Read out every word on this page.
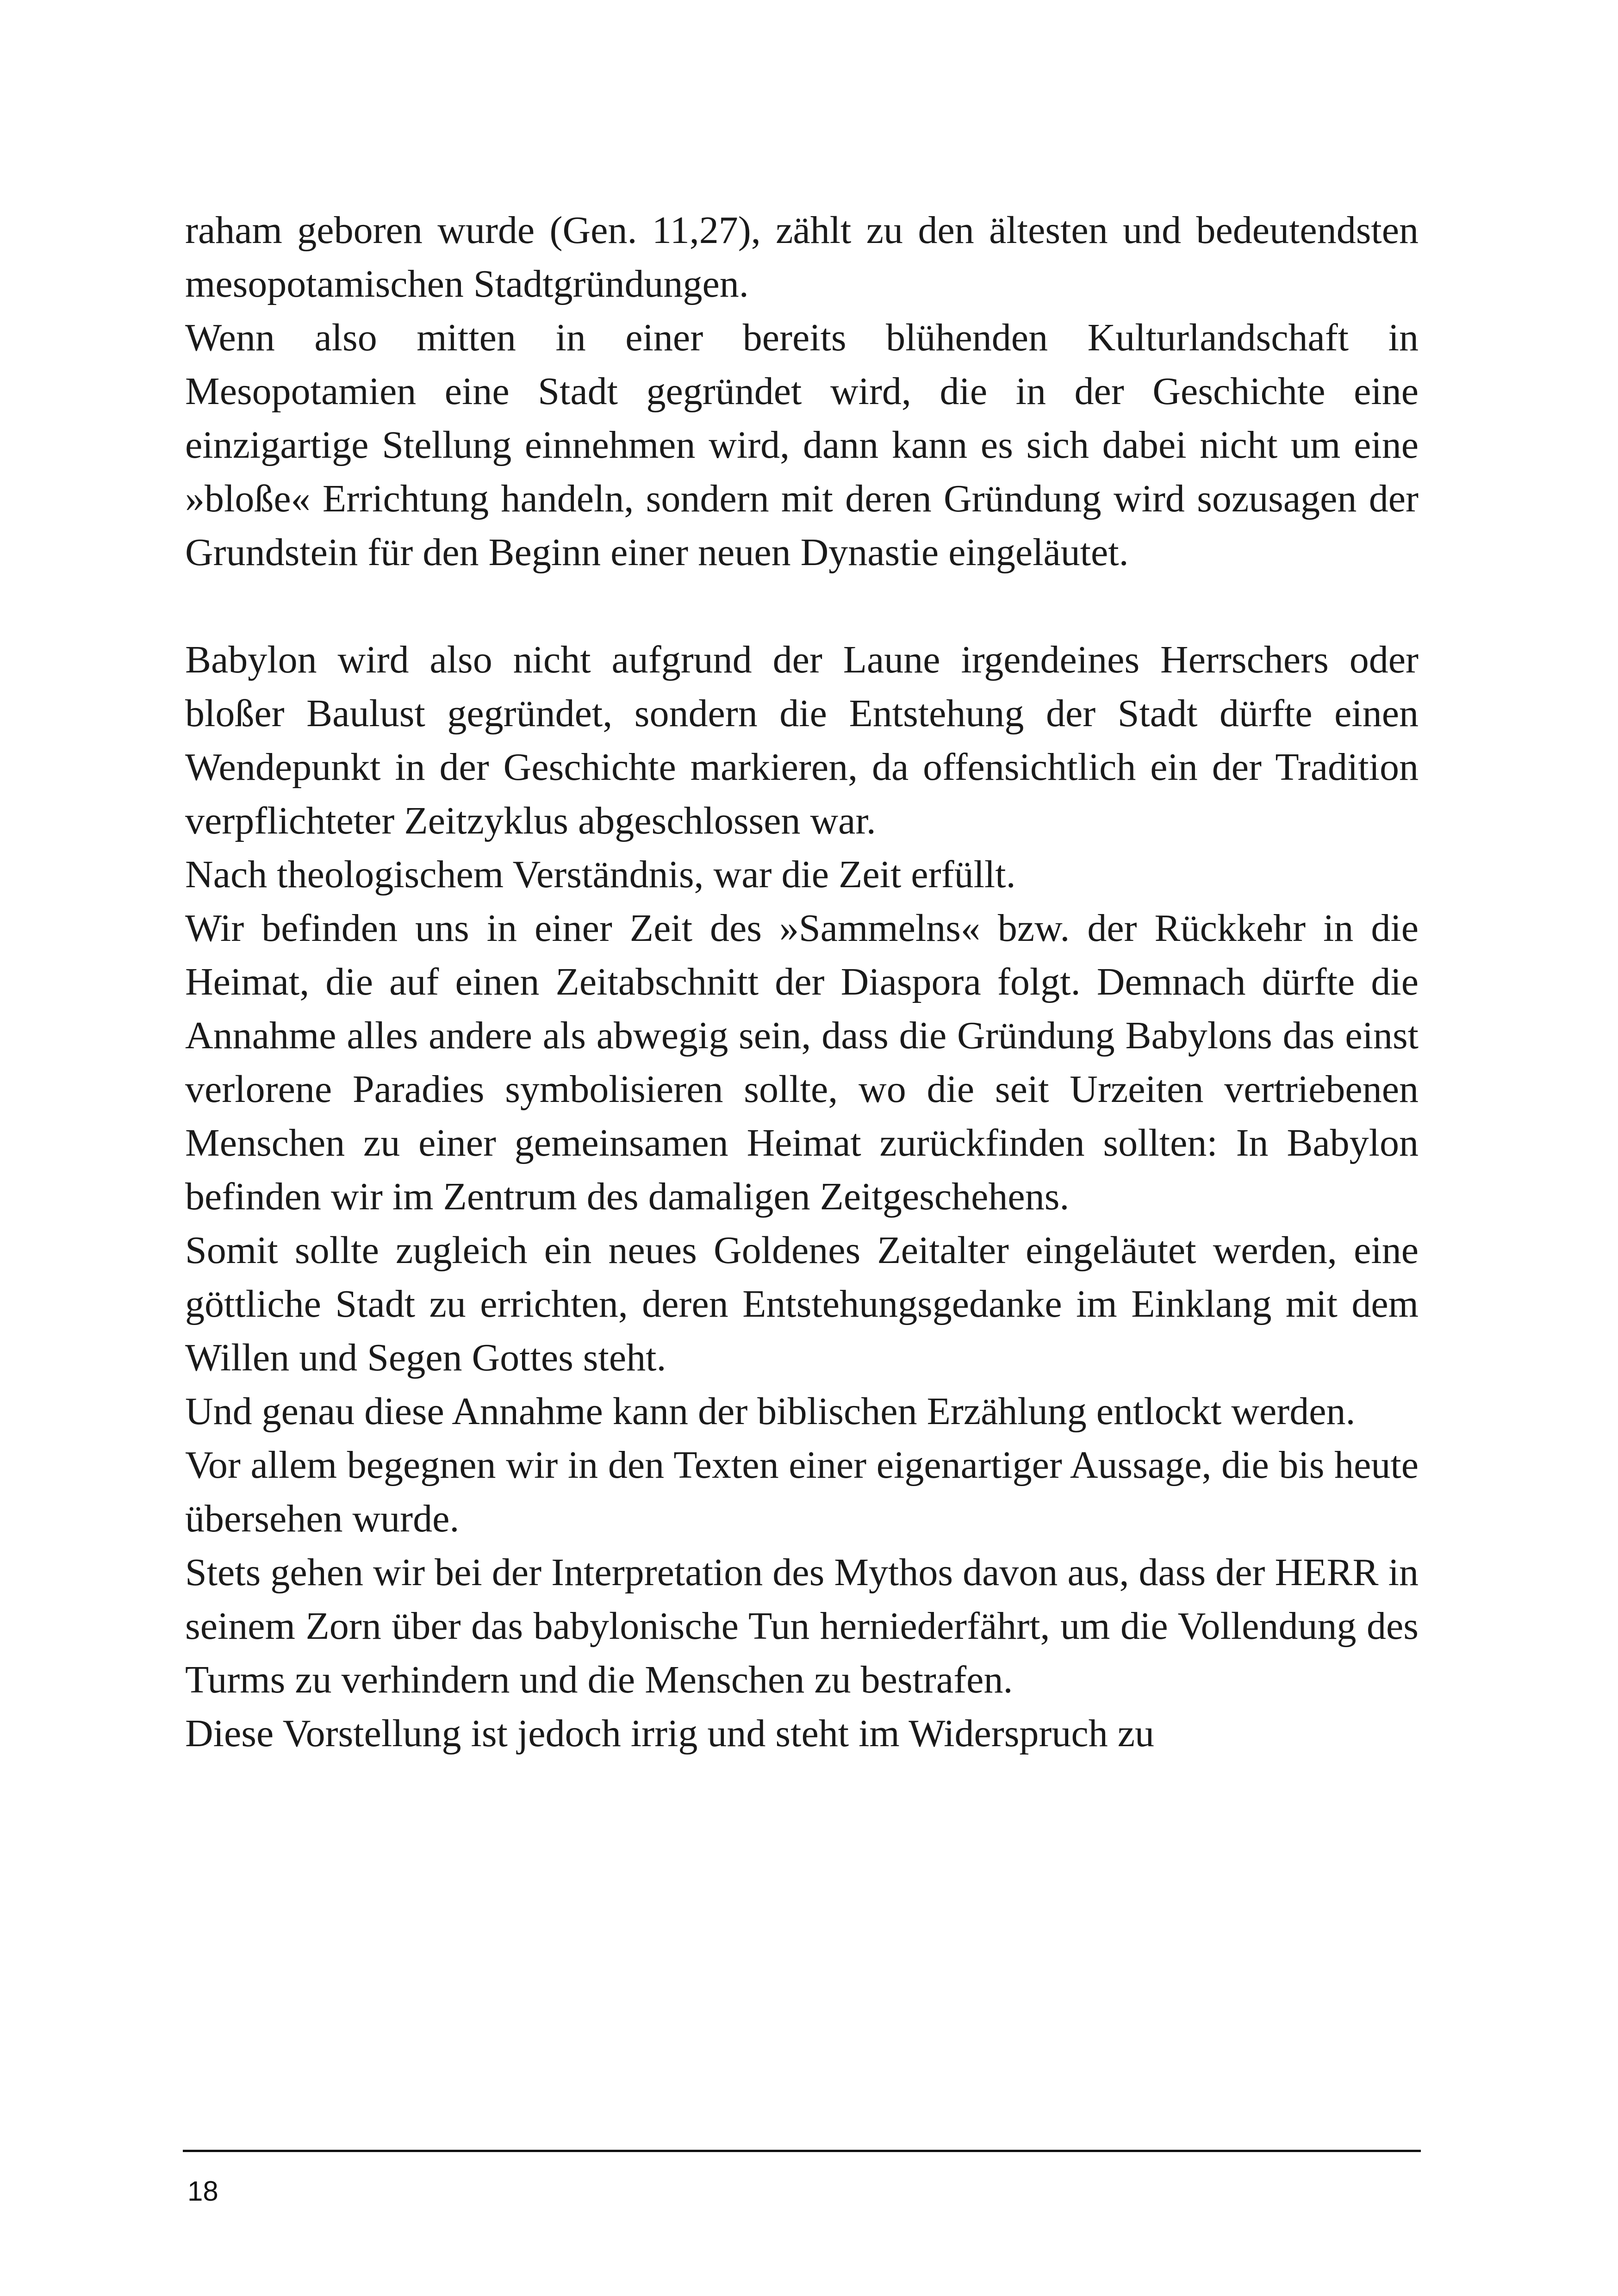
raham geboren wurde (Gen. 11,27), zählt zu den ältesten und bedeutendsten mesopotamischen Stadtgründungen.

Wenn also mitten in einer bereits blühenden Kulturlandschaft in Mesopotamien eine Stadt gegründet wird, die in der Geschichte eine einzigartige Stellung einnehmen wird, dann kann es sich dabei nicht um eine »bloße« Errichtung handeln, sondern mit deren Gründung wird sozusagen der Grundstein für den Beginn einer neuen Dynastie eingeläutet.

Babylon wird also nicht aufgrund der Laune irgendeines Herrschers oder bloßer Baulust gegründet, sondern die Entstehung der Stadt dürfte einen Wendepunkt in der Geschichte markieren, da offensichtlich ein der Tradition verpflichteter Zeitzyklus abgeschlossen war.

Nach theologischem Verständnis, war die Zeit erfüllt.

Wir befinden uns in einer Zeit des »Sammelns« bzw. der Rückkehr in die Heimat, die auf einen Zeitabschnitt der Diaspora folgt. Demnach dürfte die Annahme alles andere als abwegig sein, dass die Gründung Babylons das einst verlorene Paradies symbolisieren sollte, wo die seit Urzeiten vertriebenen Menschen zu einer gemeinsamen Heimat zurückfinden sollten: In Babylon befinden wir im Zentrum des damaligen Zeitgeschehens.

Somit sollte zugleich ein neues Goldenes Zeitalter eingeläutet werden, eine göttliche Stadt zu errichten, deren Entstehungsgedanke im Einklang mit dem Willen und Segen Gottes steht.

Und genau diese Annahme kann der biblischen Erzählung entlockt werden.

Vor allem begegnen wir in den Texten einer eigenartiger Aussage, die bis heute übersehen wurde.

Stets gehen wir bei der Interpretation des Mythos davon aus, dass der HERR in seinem Zorn über das babylonische Tun herniederfährt, um die Vollendung des Turms zu verhindern und die Menschen zu bestrafen.

Diese Vorstellung ist jedoch irrig und steht im Widerspruch zu

18
